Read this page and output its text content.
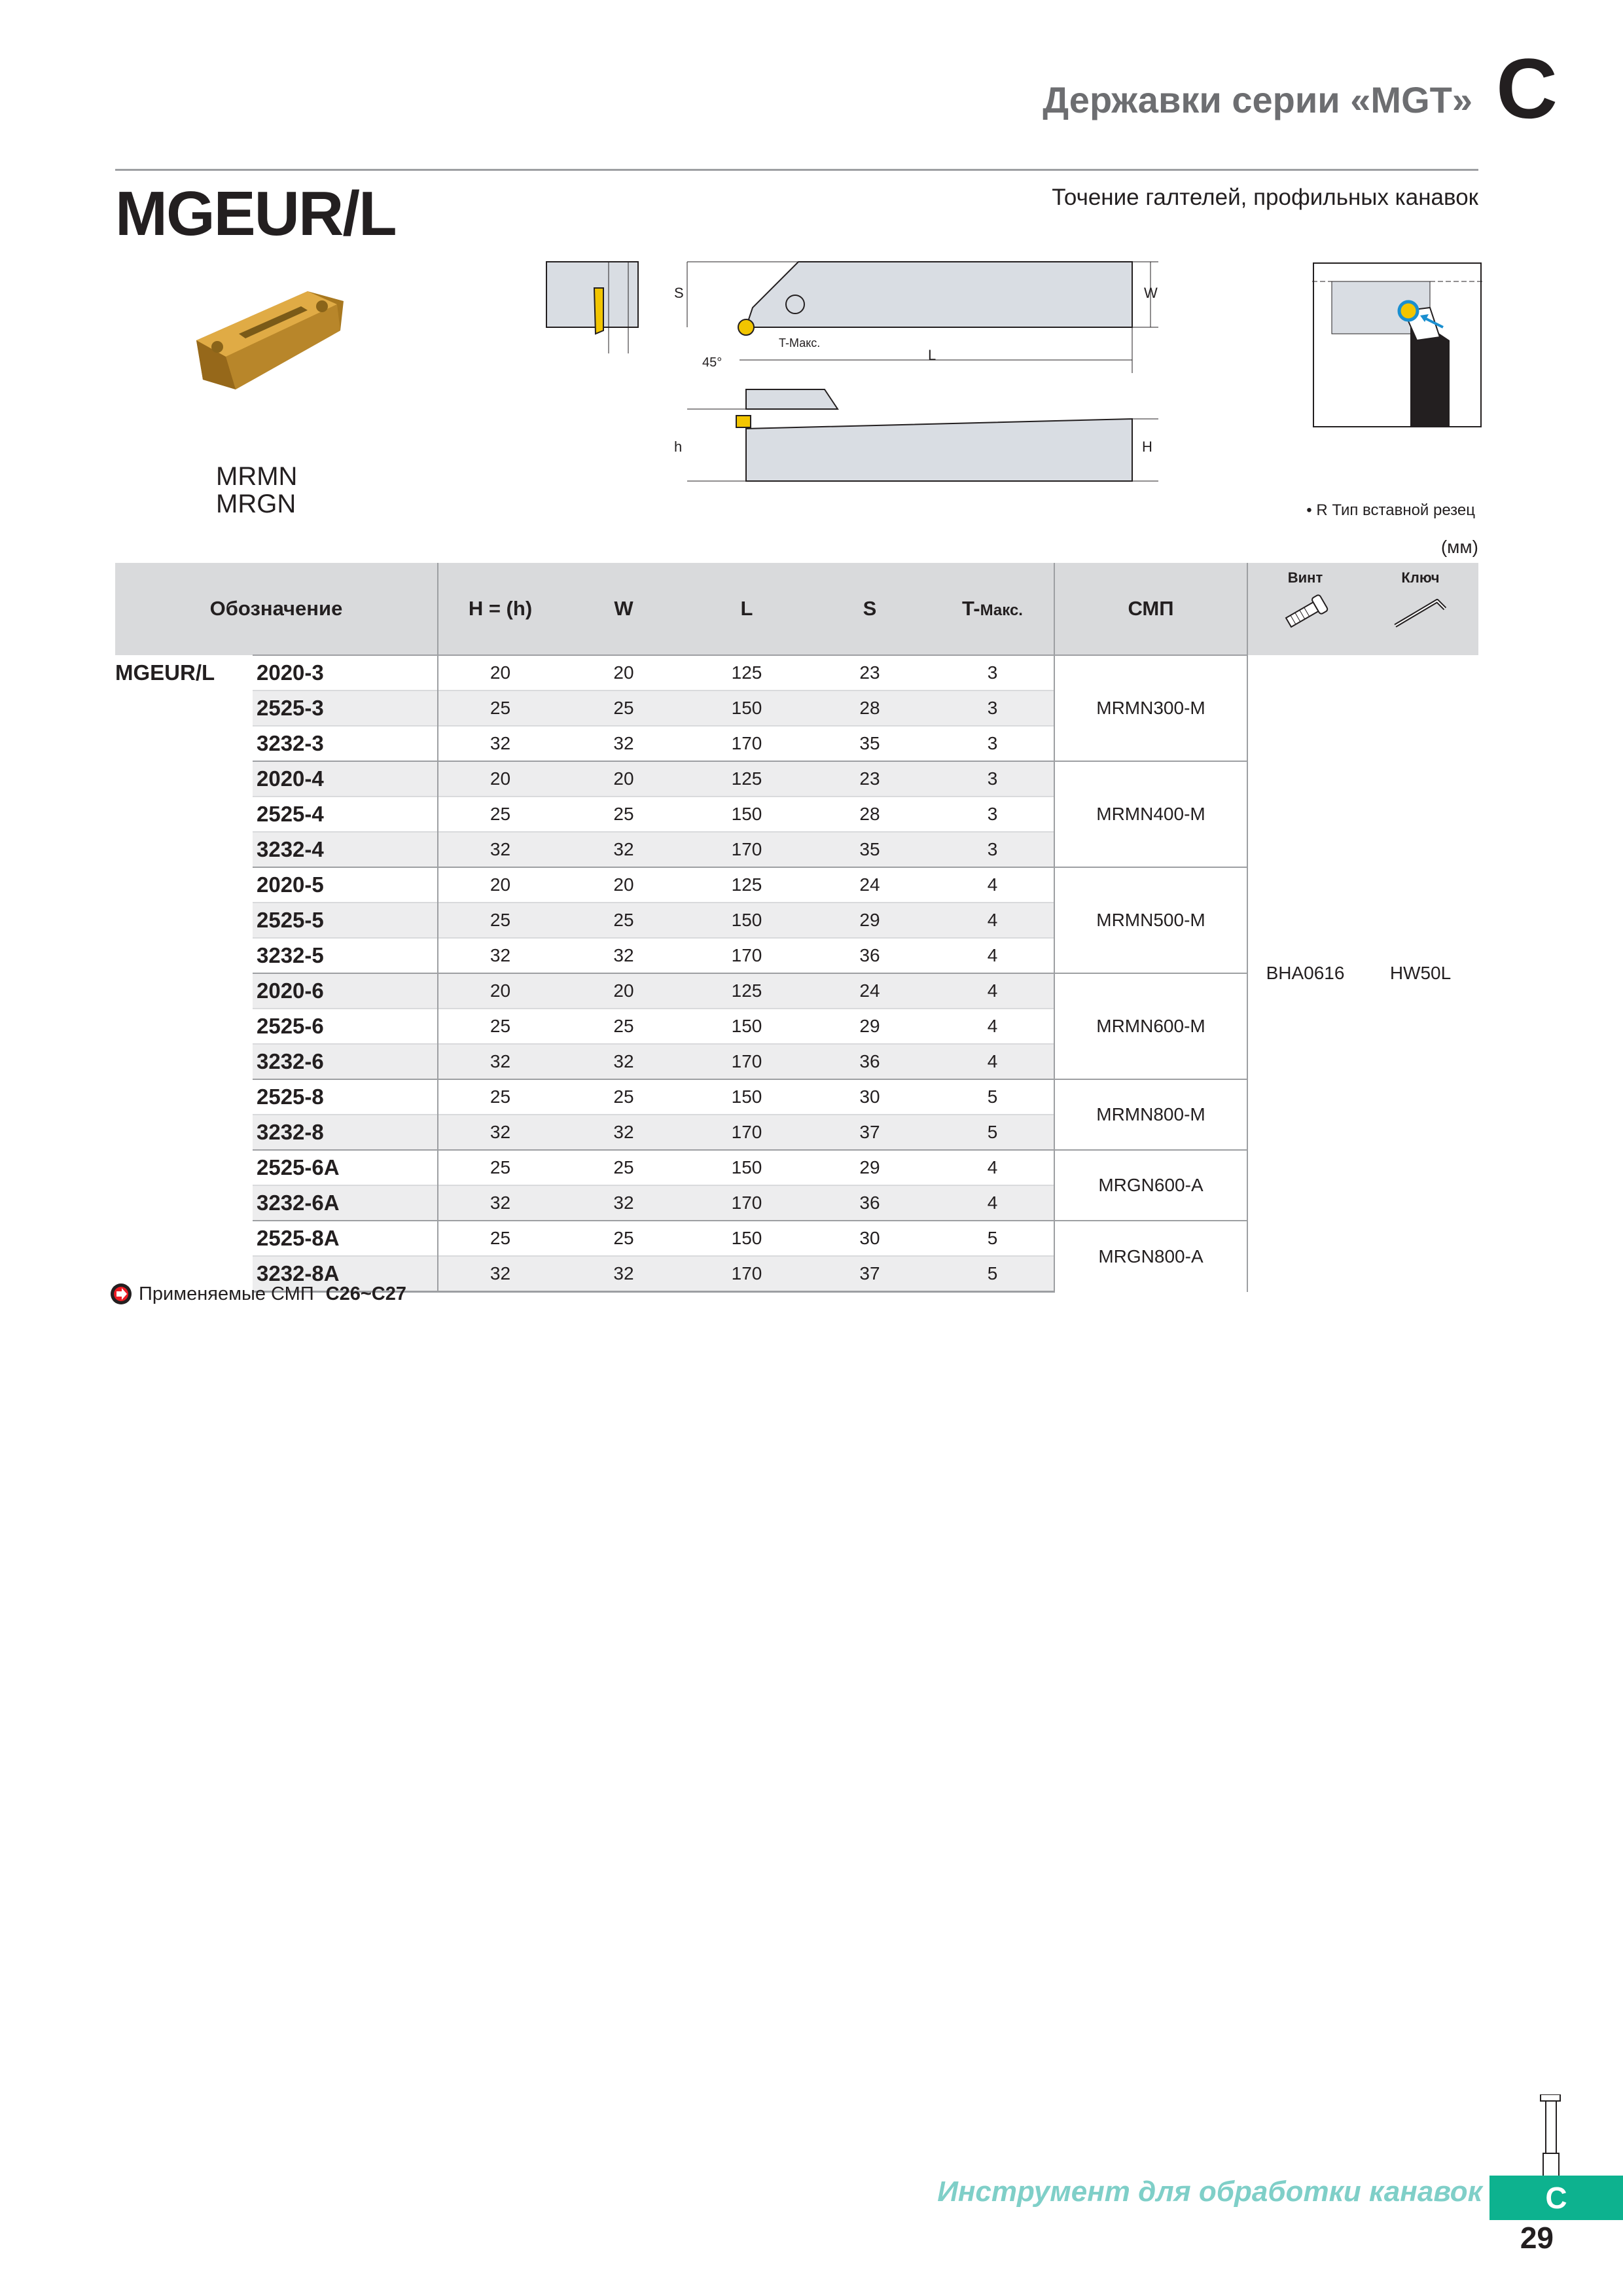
Державки серии «MGT» C
MGEUR/L	Точение галтелей, профильных канавок
MRMN
MRGN
S	W
T-Макс.
45°	L
h	H
• R Тип вставной резец
(мм)
Обозначение		H = (h)	W	L	S	T-Макс.	СМП	Винт	Ключ

MGEUR/L	2020-3	20	20	125	23	3	MRMN300-M	BHA0616	HW50L
	2525-3	25	25	150	28	3			
	3232-3	32	32	170	35	3			
	2020-4	20	20	125	23	3	MRMN400-M		
	2525-4	25	25	150	28	3			
	3232-4	32	32	170	35	3			
	2020-5	20	20	125	24	4	MRMN500-M		
	2525-5	25	25	150	29	4			
	3232-5	32	32	170	36	4			
	2020-6	20	20	125	24	4	MRMN600-M		
	2525-6	25	25	150	29	4			
	3232-6	32	32	170	36	4			
	2525-8	25	25	150	30	5	MRMN800-M		
	3232-8	32	32	170	37	5			
	2525-6A	25	25	150	29	4	MRGN600-A		
	3232-6A	32	32	170	36	4			
	2525-8A	25	25	150	30	5	MRGN800-A		
	3232-8A	32	32	170	37	5			
Применяемые СМП C26~C27
Инструмент для обработки канавок	C
29
